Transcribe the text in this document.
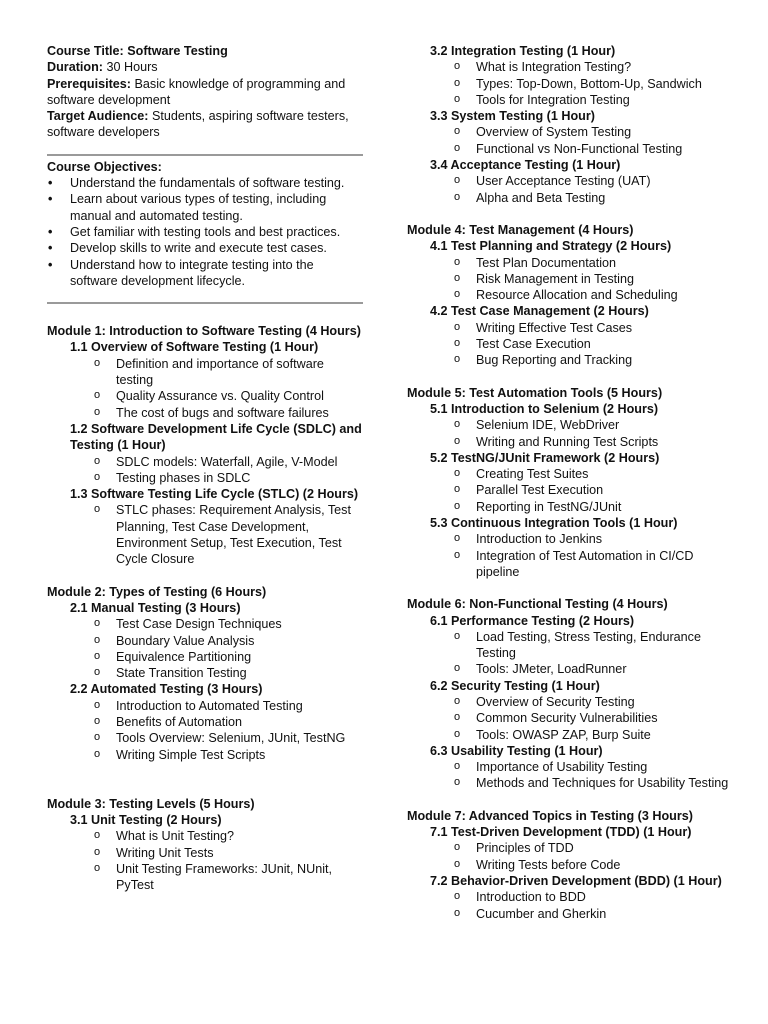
Course Title: Software Testing
Duration: 30 Hours
Prerequisites: Basic knowledge of programming and software development
Target Audience: Students, aspiring software testers, software developers
Course Objectives:
• Understand the fundamentals of software testing.
• Learn about various types of testing, including manual and automated testing.
• Get familiar with testing tools and best practices.
• Develop skills to write and execute test cases.
• Understand how to integrate testing into the software development lifecycle.
Module 1: Introduction to Software Testing (4 Hours)
1.1 Overview of Software Testing (1 Hour)
o Definition and importance of software testing
o Quality Assurance vs. Quality Control
o The cost of bugs and software failures
1.2 Software Development Life Cycle (SDLC) and Testing (1 Hour)
o SDLC models: Waterfall, Agile, V-Model
o Testing phases in SDLC
1.3 Software Testing Life Cycle (STLC) (2 Hours)
o STLC phases: Requirement Analysis, Test Planning, Test Case Development, Environment Setup, Test Execution, Test Cycle Closure
Module 2: Types of Testing (6 Hours)
2.1 Manual Testing (3 Hours)
o Test Case Design Techniques
o Boundary Value Analysis
o Equivalence Partitioning
o State Transition Testing
2.2 Automated Testing (3 Hours)
o Introduction to Automated Testing
o Benefits of Automation
o Tools Overview: Selenium, JUnit, TestNG
o Writing Simple Test Scripts
Module 3: Testing Levels (5 Hours)
3.1 Unit Testing (2 Hours)
o What is Unit Testing?
o Writing Unit Tests
o Unit Testing Frameworks: JUnit, NUnit, PyTest
3.2 Integration Testing (1 Hour)
o What is Integration Testing?
o Types: Top-Down, Bottom-Up, Sandwich
o Tools for Integration Testing
3.3 System Testing (1 Hour)
o Overview of System Testing
o Functional vs Non-Functional Testing
3.4 Acceptance Testing (1 Hour)
o User Acceptance Testing (UAT)
o Alpha and Beta Testing
Module 4: Test Management (4 Hours)
4.1 Test Planning and Strategy (2 Hours)
o Test Plan Documentation
o Risk Management in Testing
o Resource Allocation and Scheduling
4.2 Test Case Management (2 Hours)
o Writing Effective Test Cases
o Test Case Execution
o Bug Reporting and Tracking
Module 5: Test Automation Tools (5 Hours)
5.1 Introduction to Selenium (2 Hours)
o Selenium IDE, WebDriver
o Writing and Running Test Scripts
5.2 TestNG/JUnit Framework (2 Hours)
o Creating Test Suites
o Parallel Test Execution
o Reporting in TestNG/JUnit
5.3 Continuous Integration Tools (1 Hour)
o Introduction to Jenkins
o Integration of Test Automation in CI/CD pipeline
Module 6: Non-Functional Testing (4 Hours)
6.1 Performance Testing (2 Hours)
o Load Testing, Stress Testing, Endurance Testing
o Tools: JMeter, LoadRunner
6.2 Security Testing (1 Hour)
o Overview of Security Testing
o Common Security Vulnerabilities
o Tools: OWASP ZAP, Burp Suite
6.3 Usability Testing (1 Hour)
o Importance of Usability Testing
o Methods and Techniques for Usability Testing
Module 7: Advanced Topics in Testing (3 Hours)
7.1 Test-Driven Development (TDD) (1 Hour)
o Principles of TDD
o Writing Tests before Code
7.2 Behavior-Driven Development (BDD) (1 Hour)
o Introduction to BDD
o Cucumber and Gherkin
